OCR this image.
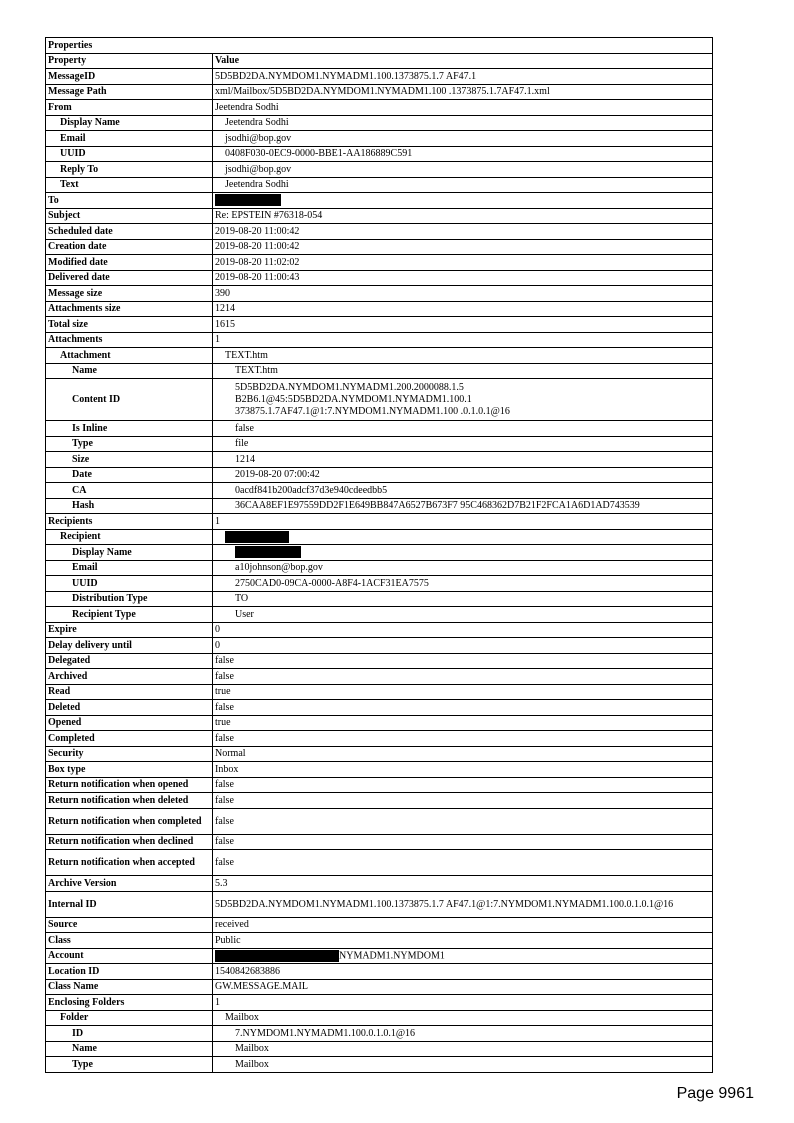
Properties	
Property	Value
MessageID	5D5BD2DA.NYMDOM1.NYMADM1.100.1373875.1.7 AF47.1
Message Path	xml/Mailbox/5D5BD2DA.NYMDOM1.NYMADM1.100 .1373875.1.7AF47.1.xml
From	Jeetendra Sodhi
Display Name	Jeetendra Sodhi
Email	jsodhi@bop.gov
UUID	0408F030-0EC9-0000-BBE1-AA186889C591
Reply To	jsodhi@bop.gov
Text	Jeetendra Sodhi
To	
Subject	Re: EPSTEIN #76318-054
Scheduled date	2019-08-20 11:00:42
Creation date	2019-08-20 11:00:42
Modified date	2019-08-20 11:02:02
Delivered date	2019-08-20 11:00:43
Message size	390
Attachments size	1214
Total size	1615
Attachments	1
Attachment	TEXT.htm
Name	TEXT.htm
Content ID	5D5BD2DA.NYMDOM1.NYMADM1.200.2000088.1.5
B2B6.1@45:5D5BD2DA.NYMDOM1.NYMADM1.100.1
373875.1.7AF47.1@1:7.NYMDOM1.NYMADM1.100 .0.1.0.1@16

Is Inline	false
Type	file
Size	1214
Date	2019-08-20 07:00:42
CA	0acdf841b200adcf37d3e940cdeedbb5
Hash	36CAA8EF1E97559DD2F1E649BB847A6527B673F7 95C468362D7B21F2FCA1A6D1AD743539
Recipients	1
Recipient	
Display Name	
Email	a10johnson@bop.gov
UUID	2750CAD0-09CA-0000-A8F4-1ACF31EA7575
Distribution Type	TO
Recipient Type	User
Expire	0
Delay delivery until	0
Delegated	false
Archived	false
Read	true
Deleted	false
Opened	true
Completed	false
Security	Normal
Box type	Inbox
Return notification when opened	false
Return notification when deleted	false
Return notification when completed	false
Return notification when declined	false
Return notification when accepted	false
Archive Version	5.3
Internal ID	5D5BD2DA.NYMDOM1.NYMADM1.100.1373875.1.7 AF47.1@1:7.NYMDOM1.NYMADM1.100.0.1.0.1@16
Source	received
Class	Public
Account	NYMADM1.NYMDOM1
Location ID	1540842683886
Class Name	GW.MESSAGE.MAIL
Enclosing Folders	1
Folder	Mailbox
ID	7.NYMDOM1.NYMADM1.100.0.1.0.1@16
Name	Mailbox
Type	Mailbox
Page 9961
